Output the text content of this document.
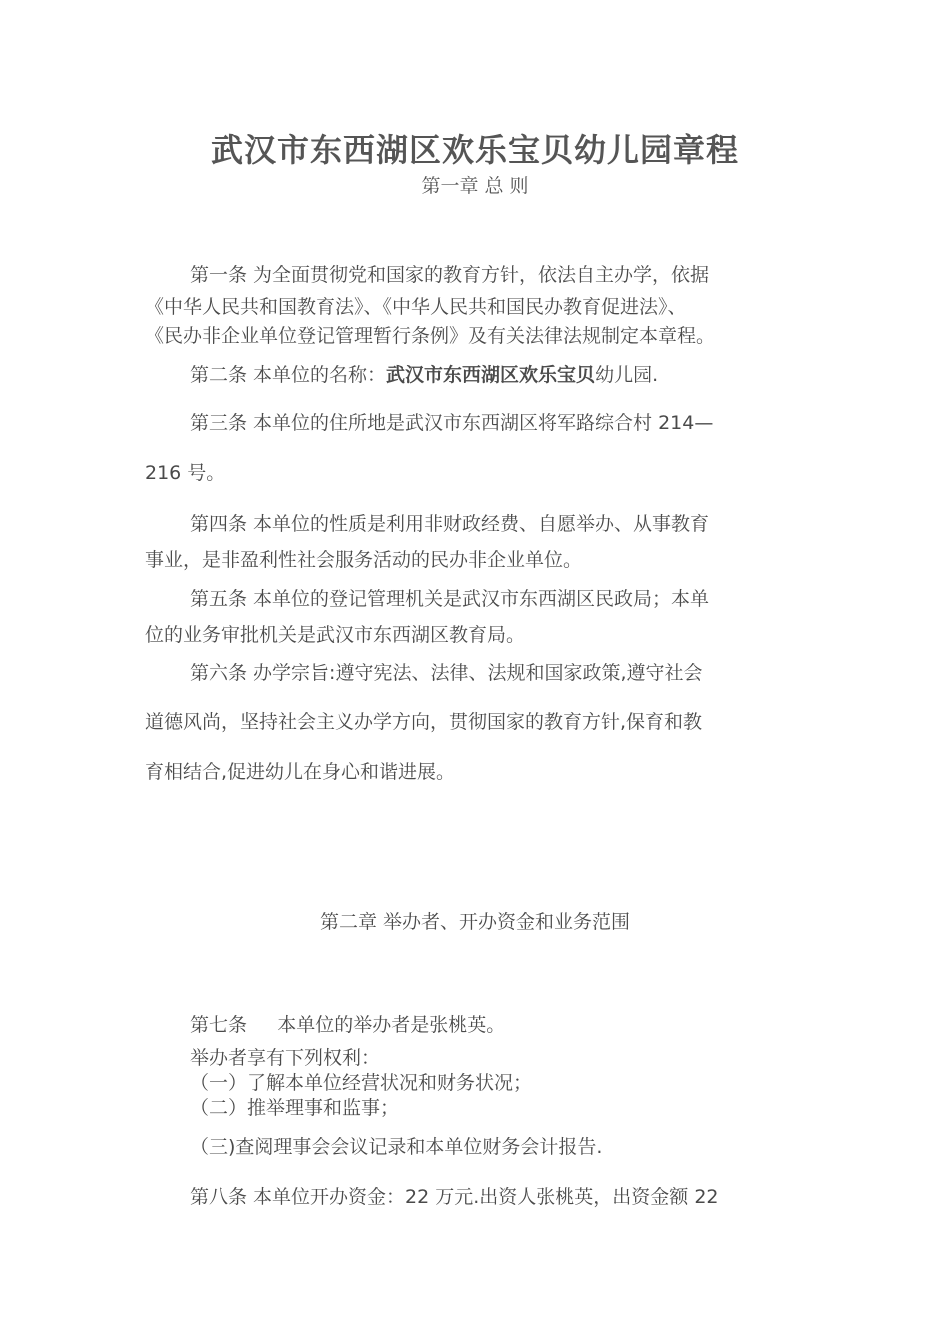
武汉市东西湖区欢乐宝贝幼儿园章程
第一章 总 则
第一条 为全面贯彻党和国家的教育方针，依法自主办学，依据
《中华人民共和国教育法》、《中华人民共和国民办教育促进法》、
《民办非企业单位登记管理暂行条例》及有关法律法规制定本章程。
第二条 本单位的名称：武汉市东西湖区欢乐宝贝幼儿园.
第三条 本单位的住所地是武汉市东西湖区将军路综合村 214—
216 号。
第四条 本单位的性质是利用非财政经费、自愿举办、从事教育
事业，是非盈利性社会服务活动的民办非企业单位。
第五条 本单位的登记管理机关是武汉市东西湖区民政局；本单
位的业务审批机关是武汉市东西湖区教育局。
第六条 办学宗旨:遵守宪法、法律、法规和国家政策,遵守社会
道德风尚，坚持社会主义办学方向，贯彻国家的教育方针,保育和教
育相结合,促进幼儿在身心和谐进展。
第二章 举办者、开办资金和业务范围
第七条     本单位的举办者是张桃英。
举办者享有下列权利：
（一）了解本单位经营状况和财务状况；
（二）推举理事和监事；
（三)查阅理事会会议记录和本单位财务会计报告.
第八条 本单位开办资金：22 万元.出资人张桃英，出资金额 22
